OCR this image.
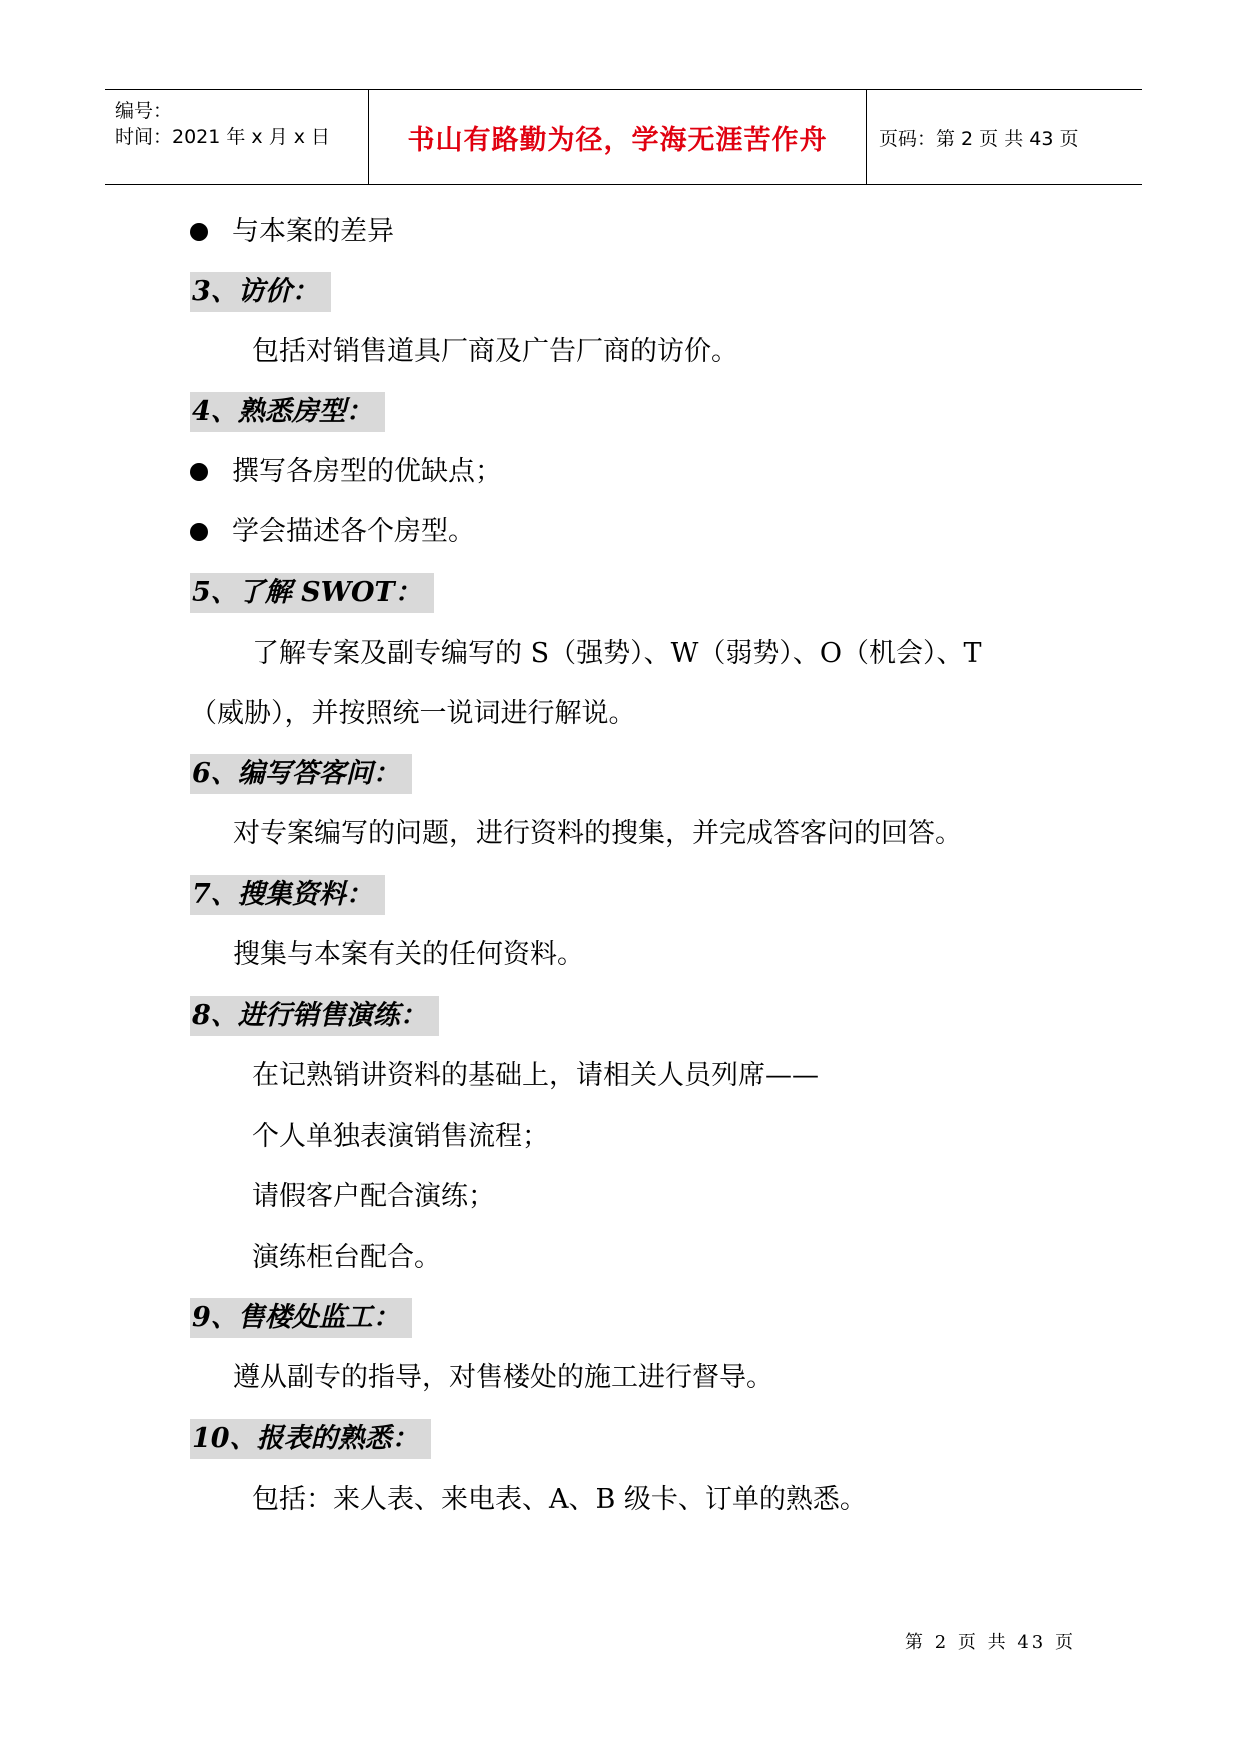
编号：
时间：2021 年 x 月 x 日	书山有路勤为径，学海无涯苦作舟	页码：第 2 页 共 43 页
与本案的差异
3、访价：
包括对销售道具厂商及广告厂商的访价。
4、熟悉房型：
撰写各房型的优缺点；
学会描述各个房型。
5、了解 SWOT：
了解专案及副专编写的 S（强势）、W（弱势）、O（机会）、T
（威胁），并按照统一说词进行解说。
6、编写答客问：
对专案编写的问题，进行资料的搜集，并完成答客问的回答。
7、搜集资料：
搜集与本案有关的任何资料。
8、进行销售演练：
在记熟销讲资料的基础上，请相关人员列席——
个人单独表演销售流程；
请假客户配合演练；
演练柜台配合。
9、售楼处监工：
遵从副专的指导，对售楼处的施工进行督导。
10、报表的熟悉：
包括：来人表、来电表、A、B 级卡、订单的熟悉。
第 2 页 共 43 页
